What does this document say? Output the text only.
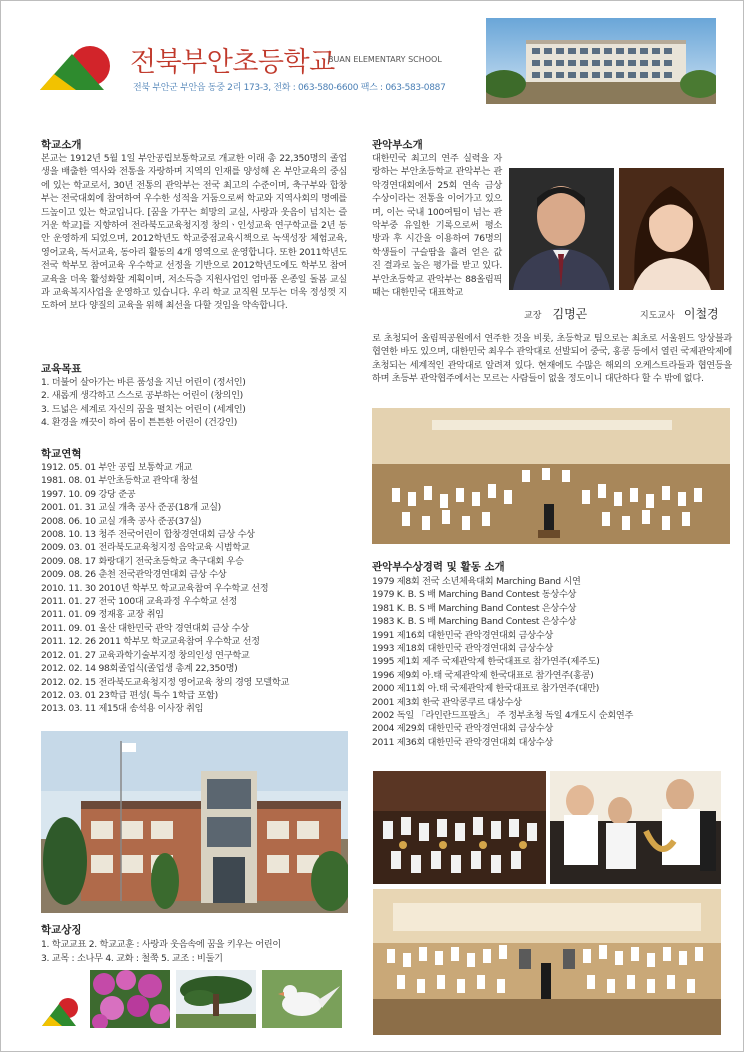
전북부안초등학교
BUAN ELEMENTARY SCHOOL
전북 부안군 부안읍 동중 2리 173-3, 전화 : 063-580-6600 팩스 : 063-583-0887
학교소개
본교는 1912년 5월 1일 부안공립보통학교로 개교한 이래 총 22,350명의 졸업생을 배출한 역사와 전통을 자랑하며 지역의 인재를 양성해 온 부안교육의 중심에 있는 학교로서, 30년 전통의 관악부는 전국 최고의 수준이며, 축구부와 합창부는 전국대회에 참여하여 우수한 성적을 거둠으로써 학교와 지역사회의 명예를 드높이고 있는 학교입니다. [꿈을 가꾸는 희망의 교실, 사랑과 웃음이 넘치는 즐거운 학교]를 지향하여 전라북도교육청지정 창의ㆍ인성교육 연구학교를 2년 동안 운영하게 되었으며, 2012학년도 학교중점교육시책으로 녹색성장 체험교육, 영어교육, 독서교육, 동아리 활동의 4개 영역으로 운영합니다. 또한 2011학년도 전국 학부모 참여교육 우수학교 선정을 기반으로 2012학년도에도 학부모 참여교육을 더욱 활성화할 계획이며, 저소득층 지원사업인 엄마품 온종일 돌봄 교실과 교육복지사업을 운영하고 있습니다. 우리 학교 교직원 모두는 더욱 정성껏 지도하여 보다 양질의 교육을 위해 최선을 다할 것임을 약속합니다.
교육목표
1. 더불어 살아가는 바른 품성을 지닌 어린이 (정서인)
2. 새롭게 생각하고 스스로 공부하는 어린이 (창의인)
3. 드넓은 세계로 자신의 꿈을 펼치는 어린이 (세계인)
4. 환경을 깨끗이 하여 몸이 튼튼한 어린이 (건강인)
학교연혁
1912. 05. 01 부안 공립 보통학교 개교
1981. 08. 01 부안초등학교 관악대 창설
1997. 10. 09 강당 준공
2001. 01. 31 교실 개축 공사 준공(18개 교실)
2008. 06. 10 교실 개축 공사 준공(37실)
2008. 10. 13 청주 전국어린이 합창경연대회 금상 수상
2009. 03. 01 전라북도교육청지정 음악교육 시범학교
2009. 08. 17 화랑대기 전국초등학교 축구대회 우승
2009. 08. 26 춘천 전국관악경연대회 금상 수상
2010. 11. 30 2010년 학부모 학교교육참여 우수학교 선정
2011. 01. 27 전국 100대 교육과정 우수학교 선정
2011. 01. 09 정재홍 교장 취임
2011. 09. 01 울산 대한민국 관악 경연대회 금상 수상
2011. 12. 26 2011 학부모 학교교육참여 우수학교 선정
2012. 01. 27 교육과학기술부지정 창의인성 연구학교
2012. 02. 14 98회졸업식(졸업생 총계 22,350명)
2012. 02. 15 전라북도교육청지정 영어교육 창의 경영 모델학교
2012. 03. 01 23학급 편성( 특수 1학급 포함)
2013. 03. 11 제15대 송석용 이사장 취임
학교상징
1. 학교교표 2. 학교교훈 : 사랑과 웃음속에 꿈을 키우는 어린이
3. 교목 : 소나무 4. 교화 : 철쭉 5. 교조 : 비둘기
관악부소개
대한민국 최고의 연주 실력을 자랑하는 부안초등학교 관악부는 관악경연대회에서 25회 연속 금상수상이라는 전통을 이어가고 있으며, 이는 국내 100여팀이 넘는 관악부중 유일한 기록으로써 평소 방과 후 시간을 이용하여 76명의 학생들이 구슬땀을 흘려 얻은 값진 결과로 높은 평가를 받고 있다. 부안초등학교 관악부는 88올림픽 때는 대한민국 대표학교
로 초청되어 올림픽공원에서 연주한 것을 비롯, 초등학교 팀으로는 최초로 서울윈드 앙상블과 협연한 바도 있으며, 대한민국 최우수 관악대로 선발되어 중국, 홍콩 등에서 열린 국제관악제에 초청되는 세계적인 관악대로 알려져 있다. 현재에도 수많은 해외의 오케스트라들과 협연등을 하며 초등부 관악협주에서는 모르는 사람들이 없을 정도이니 대단하다 할 수 밖에 없다.
교장 김명곤	지도교사 이철경
관악부수상경력 및 활동 소개
1979 제8회 전국 소년체육대회 Marching Band 시연
1979 K. B. S 배 Marching Band Contest 동상수상
1981 K. B. S 배 Marching Band Contest 은상수상
1983 K. B. S 배 Marching Band Contest 은상수상
1991 제16회 대한민국 관악경연대회 금상수상
1993 제18회 대한민국 관악경연대회 금상수상
1995 제1회 제주 국제관악제 한국대표로 참가연주(제주도)
1996 제9회 아.태 국제관악제 한국대표로 참가연주(홍콩)
2000 제11회 아.태 국제관악제 한국대표로 참가연주(대만)
2001 제3회 한국 관악콩쿠르 대상수상
2002 독일 「라인란드프팔츠」 주 정부초청 독일 4개도시 순회연주
2004 제29회 대한민국 관악경연대회 금상수상
2011 제36회 대한민국 관악경연대회 대상수상
